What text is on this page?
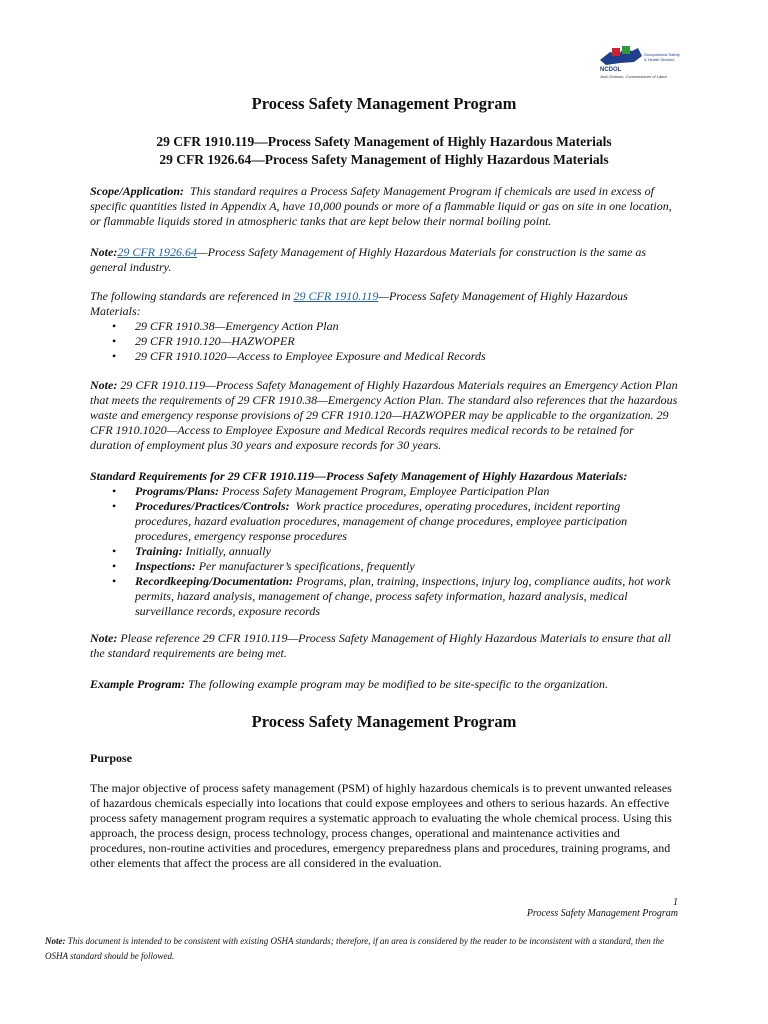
NCDOL
Occupational Safety
& Health Division
Josh Dobson, Commissioner of Labor
Process Safety Management Program
29 CFR 1910.119—Process Safety Management of Highly Hazardous Materials
29 CFR 1926.64—Process Safety Management of Highly Hazardous Materials
Scope/Application: This standard requires a Process Safety Management Program if chemicals are used in excess of specific quantities listed in Appendix A, have 10,000 pounds or more of a flammable liquid or gas on site in one location, or flammable liquids stored in atmospheric tanks that are kept below their normal boiling point.
Note:29 CFR 1926.64—Process Safety Management of Highly Hazardous Materials for construction is the same as general industry.
The following standards are referenced in 29 CFR 1910.119—Process Safety Management of Highly Hazardous Materials:
• 29 CFR 1910.38—Emergency Action Plan
• 29 CFR 1910.120—HAZWOPER
• 29 CFR 1910.1020—Access to Employee Exposure and Medical Records
Note: 29 CFR 1910.119—Process Safety Management of Highly Hazardous Materials requires an Emergency Action Plan that meets the requirements of 29 CFR 1910.38—Emergency Action Plan. The standard also references that the hazardous waste and emergency response provisions of 29 CFR 1910.120—HAZWOPER may be applicable to the organization. 29 CFR 1910.1020—Access to Employee Exposure and Medical Records requires medical records to be retained for duration of employment plus 30 years and exposure records for 30 years.
Standard Requirements for 29 CFR 1910.119—Process Safety Management of Highly Hazardous Materials:
• Programs/Plans: Process Safety Management Program, Employee Participation Plan
• Procedures/Practices/Controls: Work practice procedures, operating procedures, incident reporting procedures, hazard evaluation procedures, management of change procedures, employee participation procedures, emergency response procedures
• Training: Initially, annually
• Inspections: Per manufacturer’s specifications, frequently
• Recordkeeping/Documentation: Programs, plan, training, inspections, injury log, compliance audits, hot work permits, hazard analysis, management of change, process safety information, hazard analysis, medical surveillance records, exposure records
Note: Please reference 29 CFR 1910.119—Process Safety Management of Highly Hazardous Materials to ensure that all the standard requirements are being met.
Example Program: The following example program may be modified to be site-specific to the organization.
Process Safety Management Program
Purpose
The major objective of process safety management (PSM) of highly hazardous chemicals is to prevent unwanted releases of hazardous chemicals especially into locations that could expose employees and others to serious hazards. An effective process safety management program requires a systematic approach to evaluating the whole chemical process. Using this approach, the process design, process technology, process changes, operational and maintenance activities and procedures, non-routine activities and procedures, emergency preparedness plans and procedures, training programs, and other elements that affect the process are all considered in the evaluation.
1
Process Safety Management Program
Note: This document is intended to be consistent with existing OSHA standards; therefore, if an area is considered by the reader to be inconsistent with a standard, then the OSHA standard should be followed.
